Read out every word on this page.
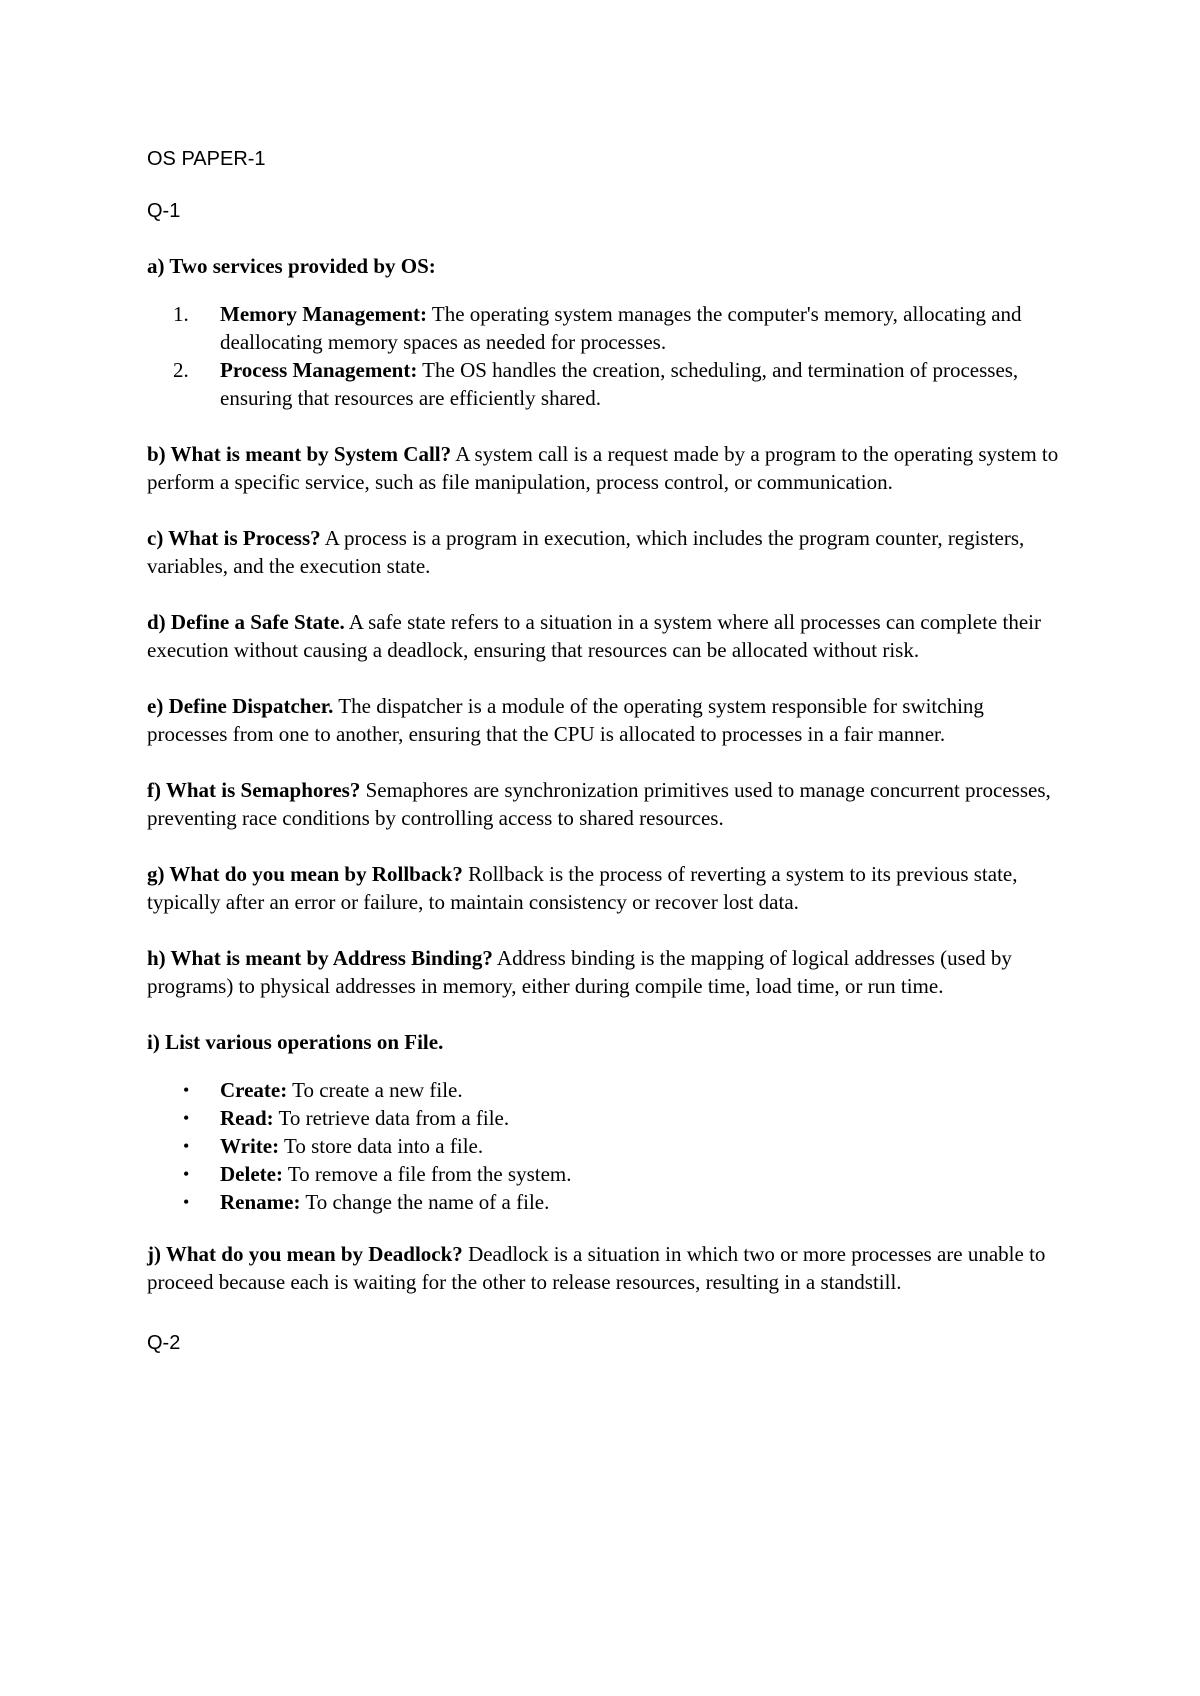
OS PAPER-1
Q-1
a) Two services provided by OS:
1. Memory Management: The operating system manages the computer's memory, allocating and deallocating memory spaces as needed for processes.
2. Process Management: The OS handles the creation, scheduling, and termination of processes, ensuring that resources are efficiently shared.

b) What is meant by System Call? A system call is a request made by a program to the operating system to perform a specific service, such as file manipulation, process control, or communication.

c) What is Process? A process is a program in execution, which includes the program counter, registers, variables, and the execution state.

d) Define a Safe State. A safe state refers to a situation in a system where all processes can complete their execution without causing a deadlock, ensuring that resources can be allocated without risk.

e) Define Dispatcher. The dispatcher is a module of the operating system responsible for switching processes from one to another, ensuring that the CPU is allocated to processes in a fair manner.

f) What is Semaphores? Semaphores are synchronization primitives used to manage concurrent processes, preventing race conditions by controlling access to shared resources.

g) What do you mean by Rollback? Rollback is the process of reverting a system to its previous state, typically after an error or failure, to maintain consistency or recover lost data.

h) What is meant by Address Binding? Address binding is the mapping of logical addresses (used by programs) to physical addresses in memory, either during compile time, load time, or run time.

i) List various operations on File.
• Create: To create a new file.
• Read: To retrieve data from a file.
• Write: To store data into a file.
• Delete: To remove a file from the system.
• Rename: To change the name of a file.

j) What do you mean by Deadlock? Deadlock is a situation in which two or more processes are unable to proceed because each is waiting for the other to release resources, resulting in a standstill.

Q-2
